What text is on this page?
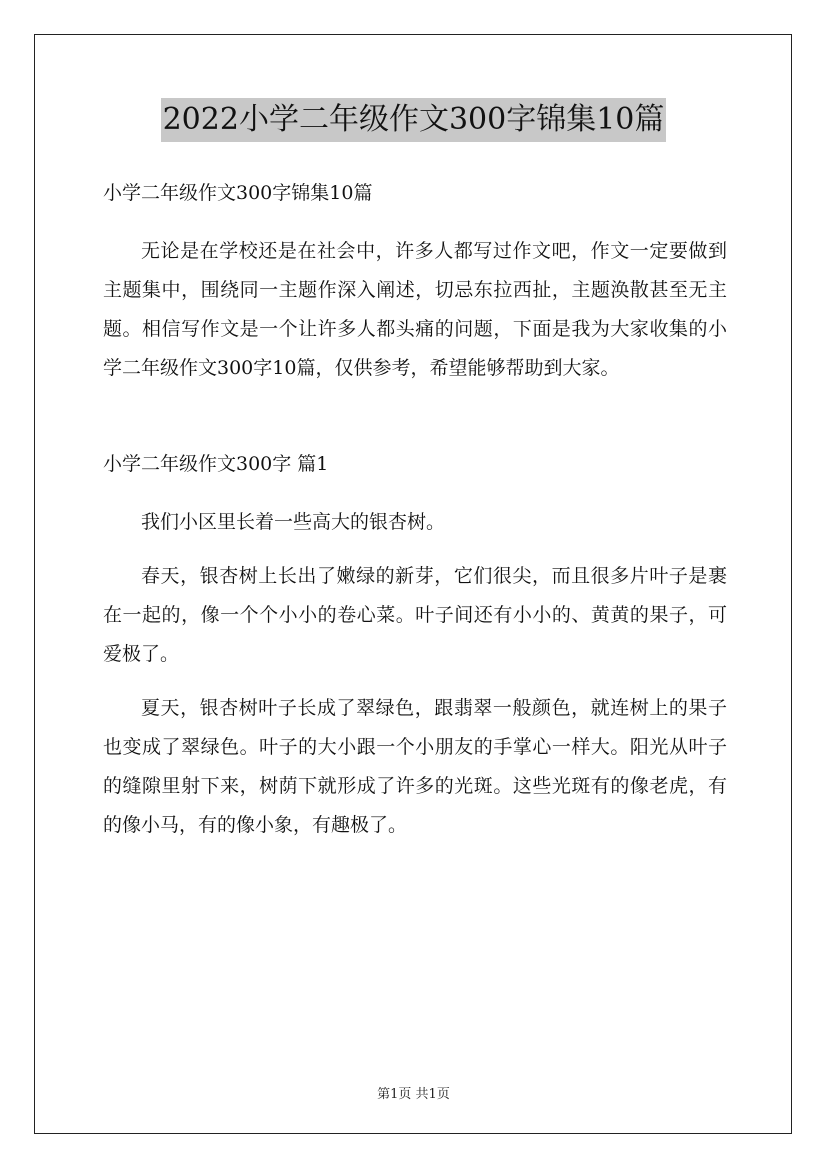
2022小学二年级作文300字锦集10篇

小学二年级作文300字锦集10篇

无论是在学校还是在社会中，许多人都写过作文吧，作文一定要做到主题集中，围绕同一主题作深入阐述，切忌东拉西扯，主题涣散甚至无主题。相信写作文是一个让许多人都头痛的问题，下面是我为大家收集的小学二年级作文300字10篇，仅供参考，希望能够帮助到大家。

小学二年级作文300字 篇1

我们小区里长着一些高大的银杏树。

春天，银杏树上长出了嫩绿的新芽，它们很尖，而且很多片叶子是裹在一起的，像一个个小小的卷心菜。叶子间还有小小的、黄黄的果子，可爱极了。

夏天，银杏树叶子长成了翠绿色，跟翡翠一般颜色，就连树上的果子也变成了翠绿色。叶子的大小跟一个小朋友的手掌心一样大。阳光从叶子的缝隙里射下来，树荫下就形成了许多的光斑。这些光斑有的像老虎，有的像小马，有的像小象，有趣极了。

第1页 共1页
